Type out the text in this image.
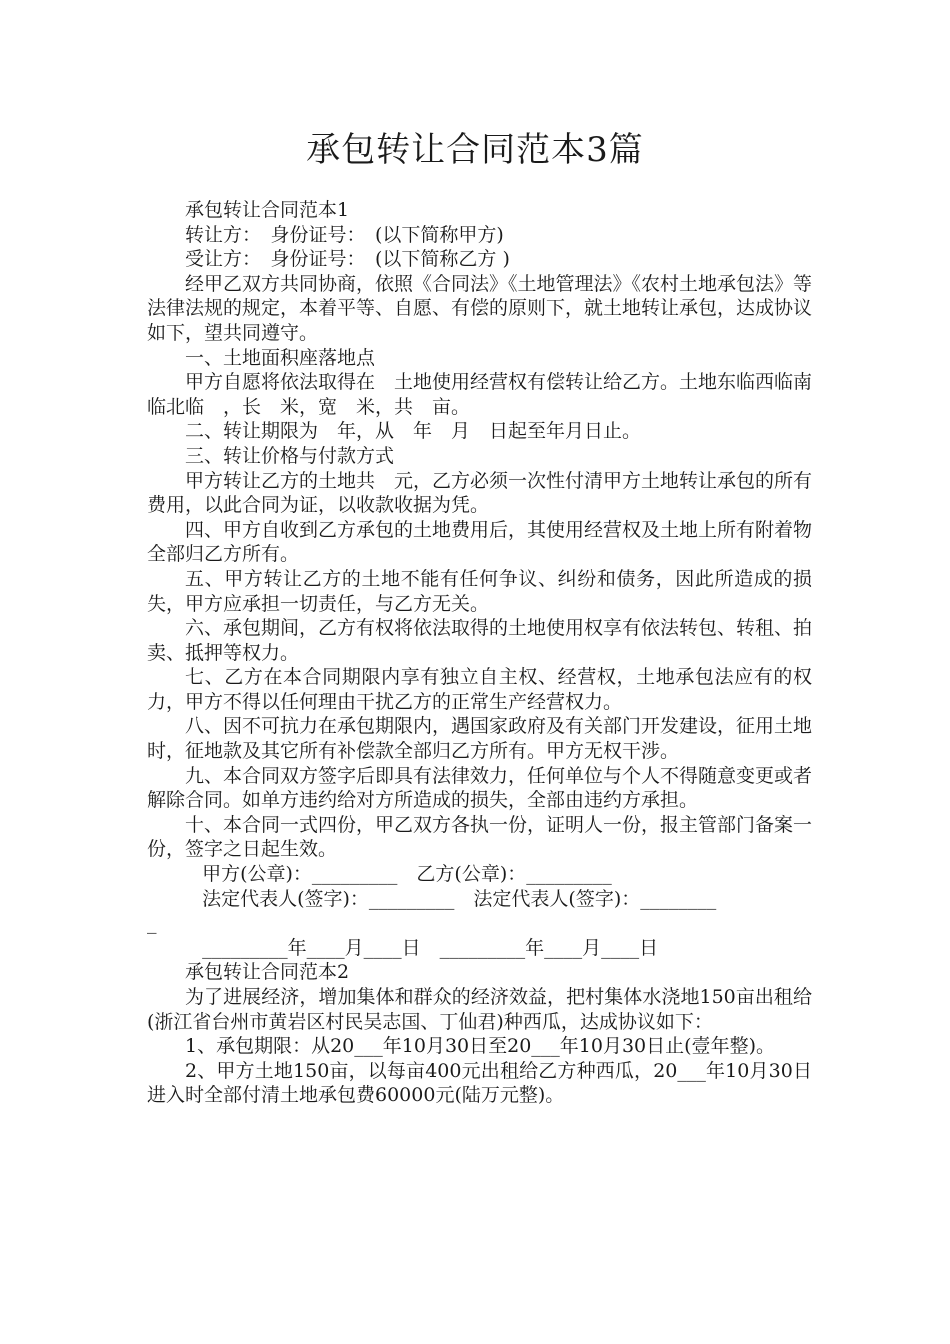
承包转让合同范本3篇

承包转让合同范本1

转让方：　身份证号：　(以下简称甲方)

受让方：　身份证号：　(以下简称乙方 )

经甲乙双方共同协商，依照《合同法》《土地管理法》《农村土地承包法》等法律法规的规定，本着平等、自愿、有偿的原则下，就土地转让承包，达成协议如下，望共同遵守。

一、土地面积座落地点

甲方自愿将依法取得在　土地使用经营权有偿转让给乙方。土地东临西临南临北临　，长　米，宽　米，共　亩。

二、转让期限为　年，从　年　月　日起至年月日止。

三、转让价格与付款方式

甲方转让乙方的土地共　元，乙方必须一次性付清甲方土地转让承包的所有费用，以此合同为证，以收款收据为凭。

四、甲方自收到乙方承包的土地费用后，其使用经营权及土地上所有附着物全部归乙方所有。

五、甲方转让乙方的土地不能有任何争议、纠纷和债务，因此所造成的损失，甲方应承担一切责任，与乙方无关。

六、承包期间，乙方有权将依法取得的土地使用权享有依法转包、转租、拍卖、抵押等权力。

七、乙方在本合同期限内享有独立自主权、经营权，土地承包法应有的权力，甲方不得以任何理由干扰乙方的正常生产经营权力。

八、因不可抗力在承包期限内，遇国家政府及有关部门开发建设，征用土地时，征地款及其它所有补偿款全部归乙方所有。甲方无权干涉。

九、本合同双方签字后即具有法律效力，任何单位与个人不得随意变更或者解除合同。如单方违约给对方所造成的损失，全部由违约方承担。

十、本合同一式四份，甲乙双方各执一份，证明人一份，报主管部门备案一份，签字之日起生效。

甲方(公章)：_________　乙方(公章)：_________

法定代表人(签字)：_________　法定代表人(签字)：________

_

_________年____月____日　_________年____月____日

承包转让合同范本2

为了进展经济，增加集体和群众的经济效益，把村集体水浇地150亩出租给(浙江省台州市黄岩区村民吴志国、丁仙君)种西瓜，达成协议如下：

1、承包期限：从20___年10月30日至20___年10月30日止(壹年整)。

2、甲方土地150亩，以每亩400元出租给乙方种西瓜，20___年10月30日进入时全部付清土地承包费60000元(陆万元整)。
